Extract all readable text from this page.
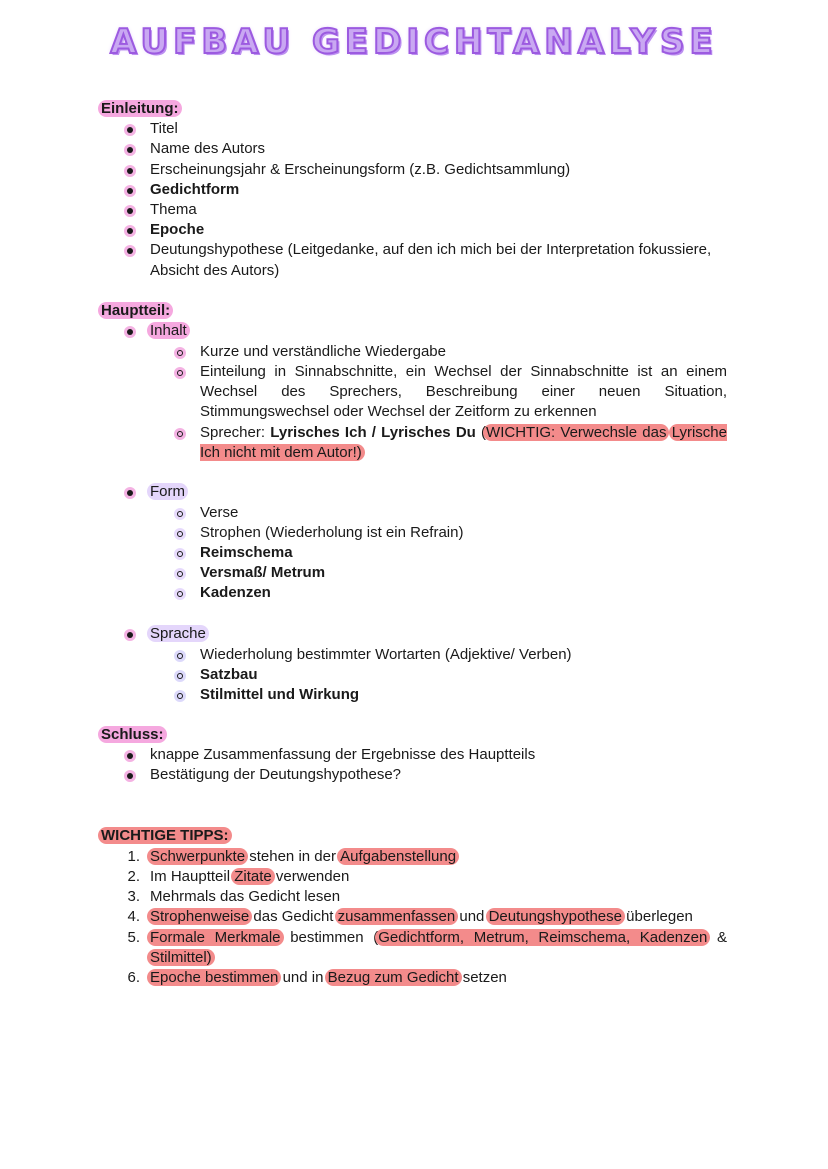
AUFBAU GEDICHTANALYSE
Einleitung:
Titel
Name des Autors
Erscheinungsjahr & Erscheinungsform (z.B. Gedichtsammlung)
Gedichtform
Thema
Epoche
Deutungshypothese (Leitgedanke, auf den ich mich bei der Interpretation fokussiere,
Absicht des Autors)
Hauptteil:
Inhalt
Kurze und verständliche Wiedergabe
Einteilung in Sinnabschnitte, ein Wechsel der Sinnabschnitte ist an einem Wechsel des Sprechers, Beschreibung einer neuen Situation, Stimmungswechsel oder Wechsel der Zeitform zu erkennen
Sprecher: Lyrisches Ich / Lyrisches Du WICHTIG: Verwechsle das Lyrische Ich nicht mit dem Autor!)
Form
Verse
Strophen (Wiederholung ist ein Refrain)
Reimschema
Versmaß/ Metrum
Kadenzen
Sprache
Wiederholung bestimmter Wortarten (Adjektive/ Verben)
Satzbau
Stilmittel und Wirkung
Schluss:
knappe Zusammenfassung der Ergebnisse des Hauptteils
Bestätigung der Deutungshypothese?
WICHTIGE TIPPS:
1. Schwerpunkte stehen in der Aufgabenstellung
2. Im Hauptteil Zitate verwenden
3. Mehrmals das Gedicht lesen
4. Strophenweise das Gedicht zusammenfassen und Deutungshypothese überlegen
5. Formale Merkmale bestimmen Gedichtform, Metrum, Reimschema, Kadenzen &
Stilmittel)
6. Epoche bestimmen und in Bezug zum Gedicht setzen
